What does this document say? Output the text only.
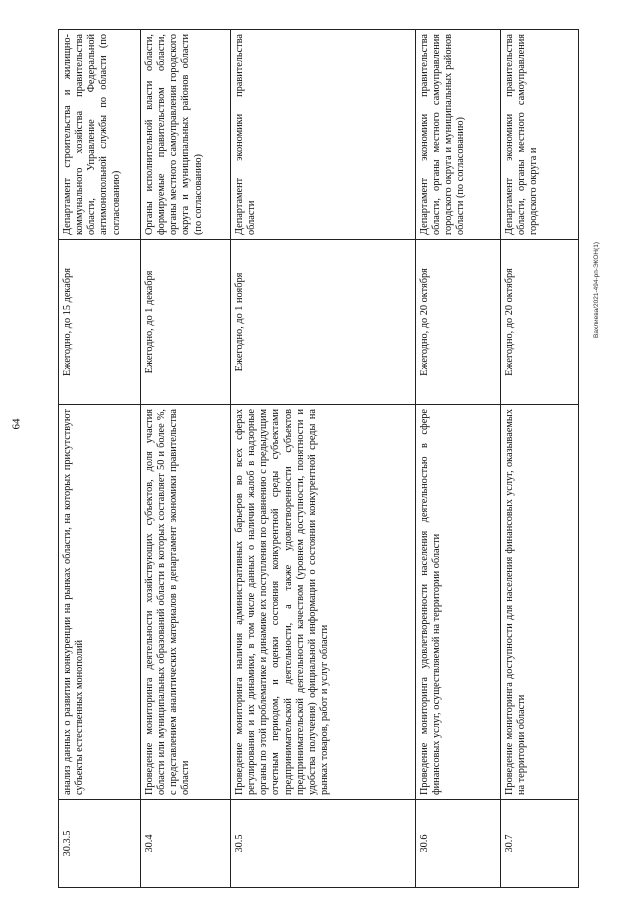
64
30.3.5	анализ данных о развитии конкуренции на рынках области, на которых присутствуют субъекты естественных монополий	Ежегодно, до 15 декабря	Департамент строительства и жилищно-коммунального хозяйства правительства области, Управление Федеральной антимонопольной службы по области (по согласованию)
30.4	Проведение мониторинга деятельности хозяйствующих субъектов, доля участия области или муниципальных образований области в которых составляет 50 и более %, с представлением аналитических материалов в департамент экономики правительства области	Ежегодно, до 1 декабря	Органы исполнительной власти области, формируемые правительством области, органы местного самоуправления городского округа и муниципальных районов области (по согласованию)
30.5	Проведение мониторинга наличия административных барьеров во всех сферах регулирования и их динамики, в том числе данных о наличии жалоб в надзорные органы по этой проблематике и динамике их поступления по сравнению с предыдущим отчетным периодом, и оценки состояния конкурентной среды субъектами предпринимательской деятельности, а также удовлетворенности субъектов предпринимательской деятельности качеством (уровнем доступности, понятности и удобства получения) официальной информации о состоянии конкурентной среды на рынках товаров, работ и услуг области	Ежегодно, до 1 ноября	Департамент экономики правительства области
30.6	Проведение мониторинга удовлетворенности населения деятельностью в сфере финансовых услуг, осуществляемой на территории области	Ежегодно, до 20 октября	Департамент экономики правительства области, органы местного самоуправления городского округа и муниципальных районов области (по согласованию)
30.7	Проведение мониторинга доступности для населения финансовых услуг, оказываемых на территории области	Ежегодно, до 20 октября	Департамент экономики правительства области, органы местного самоуправления городского округа и
Вахлиева/2021-494-рп-ЭКОН(1)
